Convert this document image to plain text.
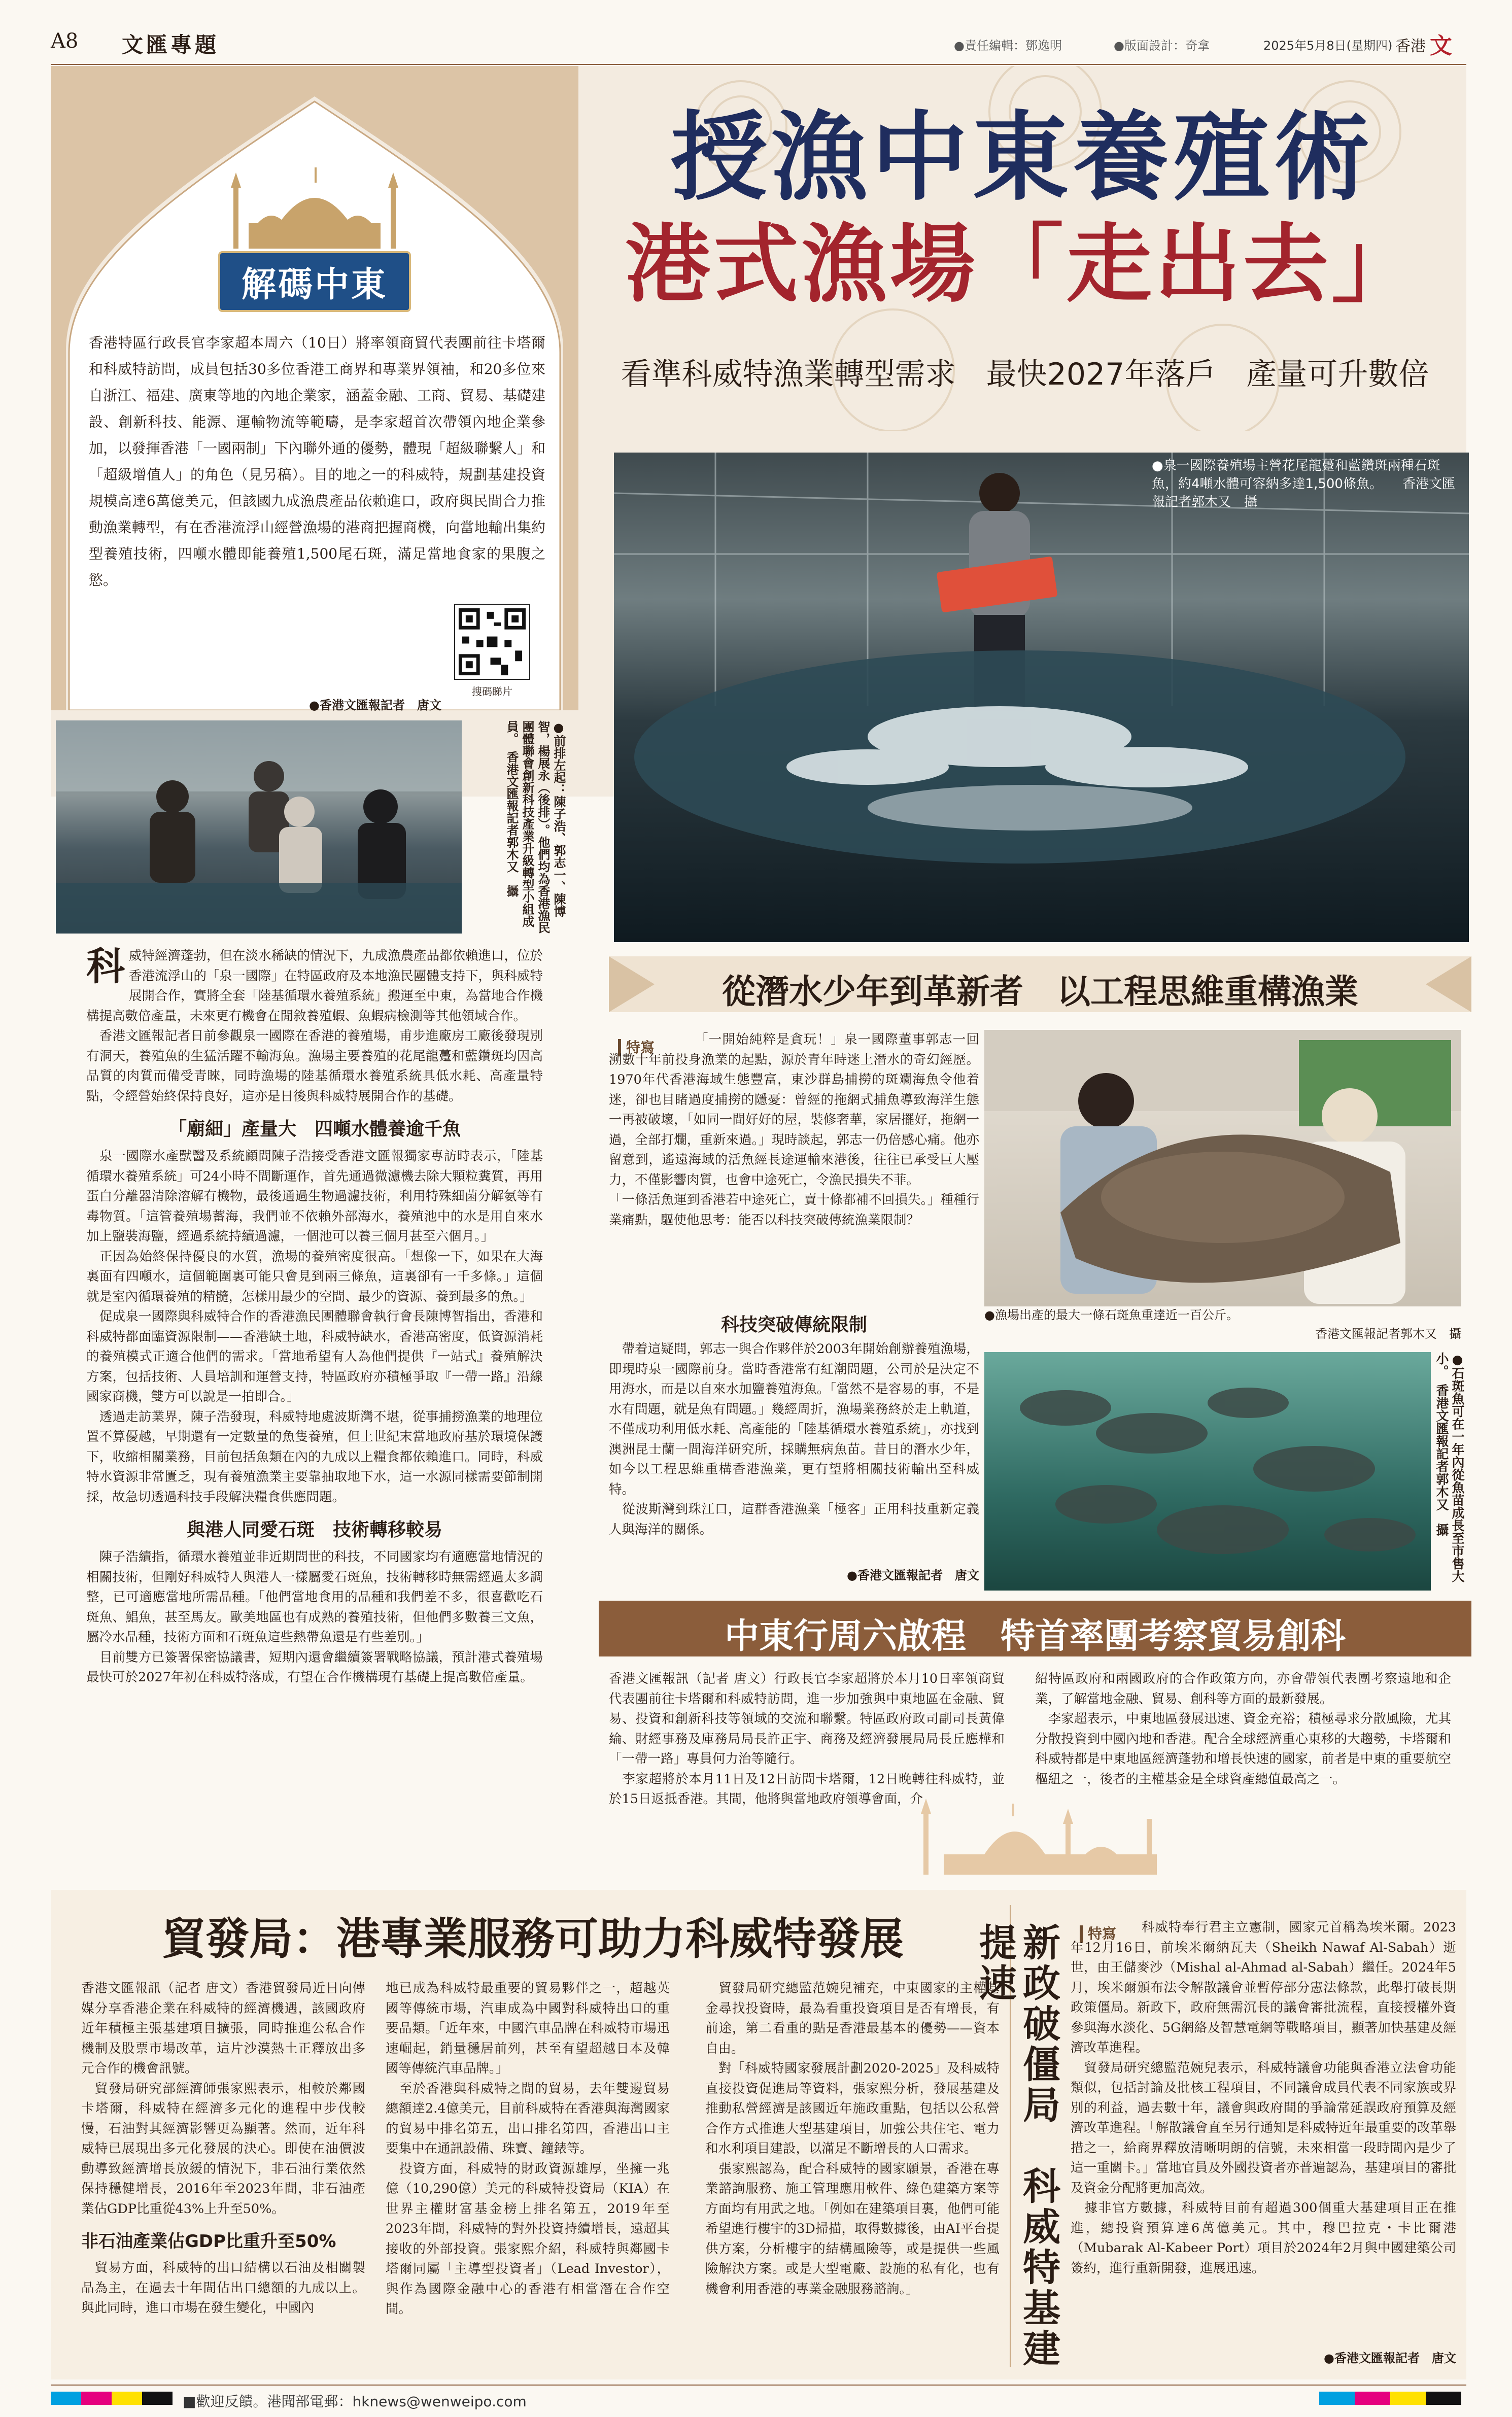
A8 文匯專題	●責任編輯：鄧逸明	●版面設計：奇拿	2025年5月8日(星期四) 香港 文
解碼中東
授漁中東養殖術
港式漁場「走出去」
看準科威特漁業轉型需求　最快2027年落戶　產量可升數倍
香港特區行政長官李家超本周六（10日）將率領商貿代表團前往卡塔爾和科威特訪問，成員包括30多位香港工商界和專業界領袖，和20多位來自浙江、福建、廣東等地的內地企業家，涵蓋金融、工商、貿易、基礎建設、創新科技、能源、運輸物流等範疇，是李家超首次帶領內地企業參加，以發揮香港「一國兩制」下內聯外通的優勢，體現「超級聯繫人」和「超級增值人」的角色（見另稿）。目的地之一的科威特，規劃基建投資規模高達6萬億美元，但該國九成漁農產品依賴進口，政府與民間合力推動漁業轉型，有在香港流浮山經營漁場的港商把握商機，向當地輸出集約型養殖技術，四噸水體即能養殖1,500尾石斑，滿足當地食家的果腹之慾。
搜碼睇片
●香港文匯報記者　唐文
●前排左起：陳子浩、郭志一、陳博智，楊展永（後排）。他們均為香港漁民團體聯會創新科技產業升級轉型小組成員。　香港文匯報記者郭木又　攝
●泉一國際養殖場主營花尾龍躉和藍鑽斑兩種石斑魚，約4噸水體可容納多達1,500條魚。　　香港文匯報記者郭木又　攝
科 威特經濟蓬勃，但在淡水稀缺的情況下，九成漁農產品都依賴進口，位於香港流浮山的「泉一國際」在特區政府及本地漁民團體支持下，與科威特展開合作，實將全套「陸基循環水養殖系統」搬運至中東，為當地合作機構提高數倍產量，未來更有機會在閒敘養殖蝦、魚蝦病檢測等其他領域合作。
　香港文匯報記者日前參觀泉一國際在香港的養殖場，甫步進廠房工廠後發現別有洞天，養殖魚的生猛活躍不輸海魚。漁場主要養殖的花尾龍躉和藍鑽斑均因高品質的肉質而備受青睞，同時漁場的陸基循環水養殖系統具低水耗、高產量特點，令經營始終保持良好，這亦是日後與科威特展開合作的基礎。
「廟細」產量大　四噸水體養逾千魚
　泉一國際水產獸醫及系統顧問陳子浩接受香港文匯報獨家專訪時表示，「陸基循環水養殖系統」可24小時不間斷運作，首先通過微濾機去除大顆粒糞質，再用蛋白分離器清除溶解有機物，最後通過生物過濾技術，利用特殊細菌分解氨等有毒物質。「這管養殖場蓄海，我們並不依賴外部海水，養殖池中的水是用自來水加上鹽裝海鹽，經過系統持續過濾，一個池可以養三個月甚至六個月。」
　正因為始終保持優良的水質，漁場的養殖密度很高。「想像一下，如果在大海裏面有四噸水，這個範圍裏可能只會見到兩三條魚，這裏卻有一千多條。」這個就是室內循環養殖的精髓，怎樣用最少的空間、最少的資源、養到最多的魚。」
　促成泉一國際與科威特合作的香港漁民團體聯會執行會長陳博智指出，香港和科威特都面臨資源限制——香港缺土地，科威特缺水，香港高密度，低資源消耗的養殖模式正適合他們的需求。「當地希望有人為他們提供『一站式』養殖解決方案，包括技術、人員培訓和運營支持，特區政府亦積極爭取『一帶一路』沿線國家商機，雙方可以說是一拍即合。」
　透過走訪業界，陳子浩發現，科威特地處波斯灣不堪，從事捕撈漁業的地理位置不算優越，早期還有一定數量的魚隻養殖，但上世紀末當地政府基於環境保護下，收縮相關業務，目前包括魚類在內的九成以上糧食都依賴進口。同時，科威特水資源非常匱乏，現有養殖漁業主要靠抽取地下水，這一水源同樣需要節制開採，故急切透過科技手段解決糧食供應問題。
與港人同愛石斑　技術轉移較易
　陳子浩續指，循環水養殖並非近期問世的科技，不同國家均有適應當地情況的相關技術，但剛好科威特人與港人一樣屬愛石斑魚，技術轉移時無需經過太多調整，已可適應當地所需品種。「他們當地食用的品種和我們差不多，很喜歡吃石斑魚、鯧魚，甚至馬友。歐美地區也有成熟的養殖技術，但他們多數養三文魚，屬冷水品種，技術方面和石斑魚這些熱帶魚還是有些差別。」
　目前雙方已簽署保密協議書，短期內還會繼續簽署戰略協議，預計港式養殖場最快可於2027年初在科威特落成，有望在合作機構現有基礎上提高數倍產量。
從潛水少年到革新者　以工程思維重構漁業
特寫	「一開始純粹是貪玩！」泉一國際董事郭志一回溯數十年前投身漁業的起點，源於青年時迷上潛水的奇幻經歷。1970年代香港海域生態豐富，東沙群島捕撈的斑斕海魚令他着迷，卻也目睹過度捕撈的隱憂：曾經的拖網式捕魚導致海洋生態一再被破壞，「如同一間好好的屋，裝修奢華，家居擺好，拖網一過，全部打爛，重新來過。」現時談起，郭志一仍倍感心痛。他亦留意到，遙遠海域的活魚經長途運輸來港後，往往已承受巨大壓力，不僅影響肉質，也會中途死亡，令漁民損失不菲。
「一條活魚運到香港若中途死亡，賣十條都補不回損失。」種種行業痛點，驅使他思考：能否以科技突破傳統漁業限制？
科技突破傳統限制
　帶着這疑問，郭志一與合作夥伴於2003年開始創辦養殖漁場，即現時泉一國際前身。當時香港常有紅潮問題，公司於是決定不用海水，而是以自來水加鹽養殖海魚。「當然不是容易的事，不是水有問題，就是魚有問題。」幾經周折，漁場業務終於走上軌道，不僅成功利用低水耗、高產能的「陸基循環水養殖系統」，亦找到澳洲昆士蘭一間海洋研究所，採購無病魚苗。昔日的潛水少年，如今以工程思維重構香港漁業，更有望將相關技術輸出至科威特。
　從波斯灣到珠江口，這群香港漁業「極客」正用科技重新定義人與海洋的關係。
●香港文匯報記者　唐文
●漁場出產的最大一條石斑魚重達近一百公斤。
香港文匯報記者郭木又　攝
●石斑魚可在一年內從魚苗成長至市售大小。　香港文匯報記者郭木又　攝
中東行周六啟程　特首率團考察貿易創科
香港文匯報訊（記者 唐文）行政長官李家超將於本月10日率領商貿代表團前往卡塔爾和科威特訪問，進一步加強與中東地區在金融、貿易、投資和創新科技等領域的交流和聯繫。特區政府政司副司長黃偉綸、財經事務及庫務局局長許正宇、商務及經濟發展局局長丘應樺和「一帶一路」專員何力治等隨行。
　李家超將於本月11日及12日訪問卡塔爾，12日晚轉往科威特，並於15日返抵香港。其間，他將與當地政府領導會面，介
紹特區政府和兩國政府的合作政策方向，亦會帶領代表團考察遠地和企業，了解當地金融、貿易、創科等方面的最新發展。
　李家超表示，中東地區發展迅速、資金充裕；積極尋求分散風險，尤其分散投資到中國內地和香港。配合全球經濟重心東移的大趨勢，卡塔爾和科威特都是中東地區經濟蓬勃和增長快速的國家，前者是中東的重要航空樞紐之一，後者的主權基金是全球資產總值最高之一。
貿發局：港專業服務可助力科威特發展
香港文匯報訊（記者 唐文）香港貿發局近日向傳媒分享香港企業在科威特的經濟機遇，該國政府近年積極主張基建項目擴張，同時推進公私合作機制及股票市場改革，這片沙漠熱土正釋放出多元合作的機會訊號。
　貿發局研究部經濟師張家熙表示，相較於鄰國卡塔爾，科威特在經濟多元化的進程中步伐較慢，石油對其經濟影響更為顯著。然而，近年科威特已展現出多元化發展的決心。即使在油價波動導致經濟增長放緩的情況下，非石油行業依然保持穩健增長，2016年至2023年間，非石油產業佔GDP比重從43%上升至50%。
非石油產業佔GDP比重升至50%
　貿易方面，科威特的出口結構以石油及相關製品為主，在過去十年間佔出口總額的九成以上。與此同時，進口市場在發生變化，中國內
地已成為科威特最重要的貿易夥伴之一，超越英國等傳統市場，汽車成為中國對科威特出口的重要品類。「近年來，中國汽車品牌在科威特市場迅速崛起，銷量穩居前列，甚至有望超越日本及韓國等傳統汽車品牌。」
　至於香港與科威特之間的貿易，去年雙邊貿易總額達2.4億美元，目前科威特在香港與海灣國家的貿易中排名第五，出口排名第四，香港出口主要集中在通訊設備、珠寶、鐘錶等。
　投資方面，科威特的財政資源雄厚，坐擁一兆億（10,290億）美元的科威特投資局（KIA）在世界主權財富基金榜上排名第五，2019年至2023年間，科威特的對外投資持續增長，遠超其接收的外部投資。張家熙介紹，科威特與鄰國卡塔爾同屬「主導型投資者」（Lead Investor），與作為國際金融中心的香港有相當潛在合作空間。
　貿發局研究總監范婉兒補充，中東國家的主權基金尋找投資時，最為看重投資項目是否有增長，有前途，第二看重的點是香港最基本的優勢——資本自由。
　對「科威特國家發展計劃2020-2025」及科威特直接投資促進局等資料，張家熙分析，發展基建及推動私營經濟是該國近年施政重點，包括以公私營合作方式推進大型基建項目，加強公共住宅、電力和水利項目建設，以滿足不斷增長的人口需求。
　張家熙認為，配合科威特的國家願景，香港在專業諮詢服務、施工管理應用軟件、綠色建築方案等方面均有用武之地。「例如在建築項目裏，他們可能希望進行樓宇的3D掃描，取得數據後，由AI平台提供方案，分析樓宇的結構風險等，或是提供一些風險解決方案。或是大型電廠、設施的私有化，也有機會利用香港的專業金融服務諮詢。」	新政破僵局　科威特基建提速	特寫	科威特奉行君主立憲制，國家元首稱為埃米爾。2023年12月16日，前埃米爾納瓦夫（Sheikh Nawaf Al-Sabah）逝世，由王儲麥沙（Mishal al-Ahmad al-Sabah）繼任。2024年5月，埃米爾頒布法令解散議會並暫停部分憲法條款，此舉打破長期政策僵局。新政下，政府無需沉長的議會審批流程，直接授權外資參與海水淡化、5G網絡及智慧電網等戰略項目，顯著加快基建及經濟改革進程。
　貿發局研究總監范婉兒表示，科威特議會功能與香港立法會功能類似，包括討論及批核工程項目，不同議會成員代表不同家族或界別的利益，過去數十年，議會與政府間的爭論常延誤政府預算及經濟改革進程。「解散議會直至另行通知是科威特近年最重要的改革舉措之一，給商界釋放清晰明朗的信號，未來相當一段時間內是少了這一重關卡。」當地官員及外國投資者亦普遍認為，基建項目的審批及資金分配將更加高效。
　據非官方數據，科威特目前有超過300個重大基建項目正在推進，總投資預算達6萬億美元。其中，穆巴拉克・卡比爾港（Mubarak Al-Kabeer Port）項目於2024年2月與中國建築公司簽約，進行重新開發，進展迅速。
●香港文匯報記者　唐文
■歡迎反饋。港聞部電郵：hknews@wenweipo.com
